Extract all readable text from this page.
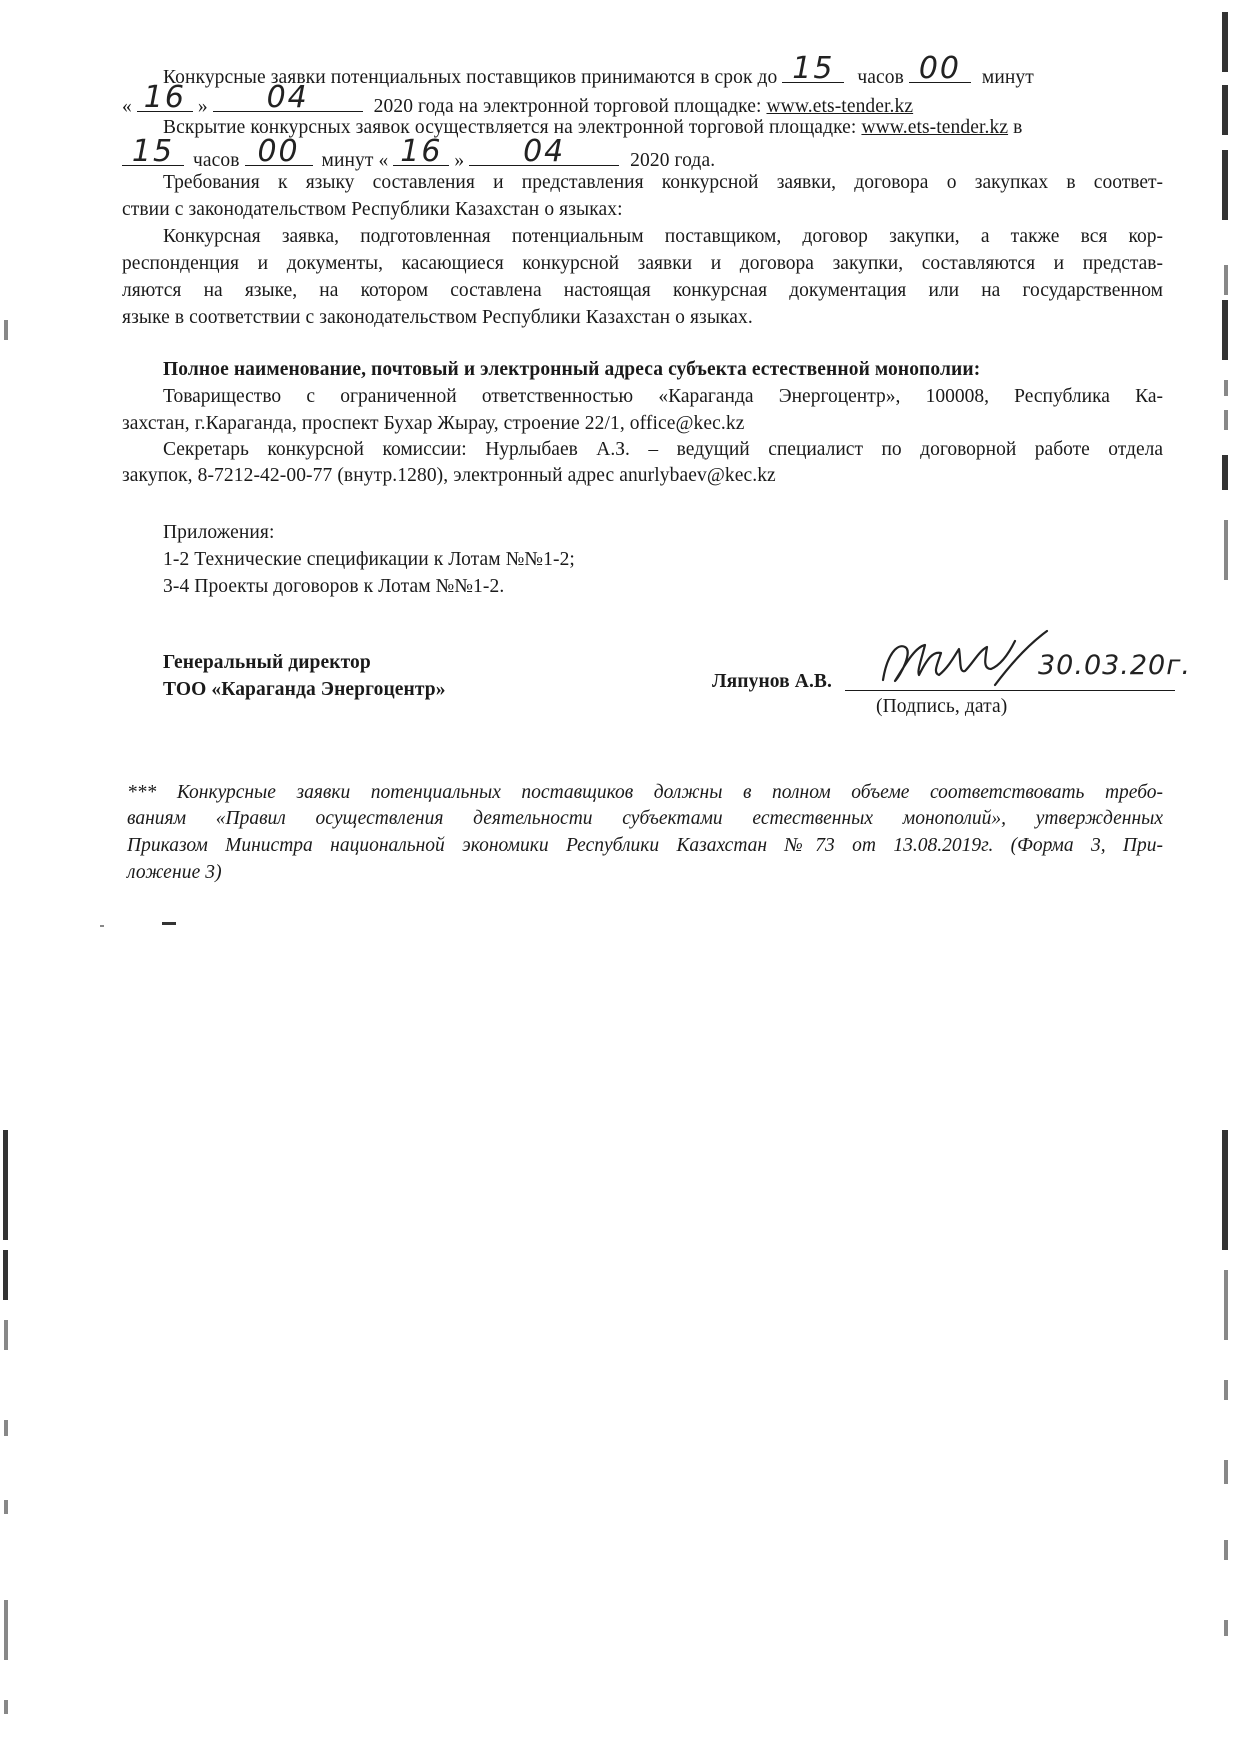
Конкурсные заявки потенциальных поставщиков принимаются в срок до 15	часов 00	минут
« 16 »	04	2020 года на электронной торговой площадке: www.ets-tender.kz
Вскрытие конкурсных заявок осуществляется на электронной торговой площадке: www.ets-tender.kz в
15 часов 00	минут « 16 »	04	2020 года.
Требования к языку составления и представления конкурсной заявки, договора о закупках в соответ-
ствии с законодательством Республики Казахстан о языках:
Конкурсная заявка, подготовленная потенциальным поставщиком, договор закупки, а также вся кор-
респонденция и документы, касающиеся конкурсной заявки и договора закупки, составляются и представ-
ляются на языке, на котором составлена настоящая конкурсная документация или на государственном
языке в соответствии с законодательством Республики Казахстан о языках.
Полное наименование, почтовый и электронный адреса субъекта естественной монополии:
Товарищество с ограниченной ответственностью «Караганда Энергоцентр», 100008, Республика Ка-
захстан, г.Караганда, проспект Бухар Жырау, строение 22/1, office@kec.kz
Секретарь конкурсной комиссии: Нурлыбаев А.З. – ведущий специалист по договорной работе отдела
закупок, 8-7212-42-00-77 (внутр.1280), электронный адрес anurlybaev@kec.kz
Приложения:
1-2 Технические спецификации к Лотам №№1-2;
3-4 Проекты договоров к Лотам №№1-2.
Генеральный директор
ТОО «Караганда Энергоцентр»	Ляпунов А.В.
30.03.20г.
(Подпись, дата)
*** Конкурсные заявки потенциальных поставщиков должны в полном объеме соответствовать требо-
ваниям «Правил осуществления деятельности субъектами естественных монополий», утвержденных
Приказом Министра национальной экономики Республики Казахстан №73 от 13.08.2019г. (Форма 3, При-
ложение 3)
